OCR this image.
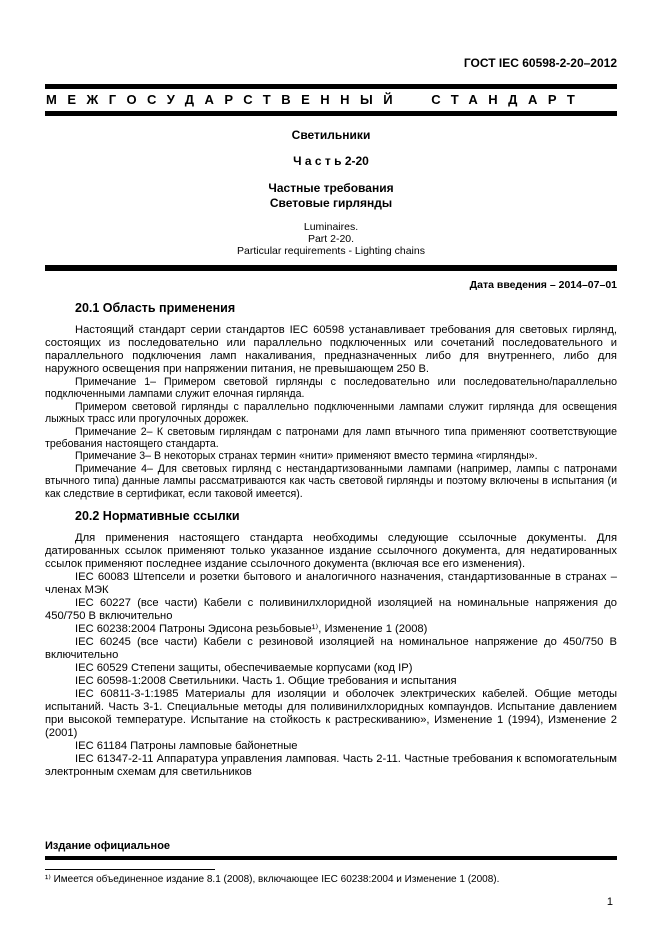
ГОСТ IEC 60598-2-20–2012
МЕЖГОСУДАРСТВЕННЫЙ СТАНДАРТ
Светильники
Ч а с т ь 2-20
Частные требования
Световые гирлянды
Luminaires.
Part 2-20.
Particular requirements - Lighting chains
Дата введения – 2014–07–01
20.1 Область применения

Настоящий стандарт серии стандартов IEC 60598 устанавливает требования для световых гирлянд, состоящих из последовательно или параллельно подключенных или сочетаний последовательного и параллельного подключения ламп накаливания, предназначенных либо для внутреннего, либо для наружного освещения при напряжении питания, не превышающем 250 В.

Примечание 1– Примером световой гирлянды с последовательно или последовательно/параллельно подключенными лампами служит елочная гирлянда.

Примером световой гирлянды с параллельно подключенными лампами служит гирлянда для освещения лыжных трасс или прогулочных дорожек.

Примечание 2– К световым гирляндам с патронами для ламп втычного типа применяют соответствующие требования настоящего стандарта.

Примечание 3– В некоторых странах термин «нити» применяют вместо термина «гирлянды».

Примечание 4– Для световых гирлянд с нестандартизованными лампами (например, лампы с патронами втычного типа) данные лампы рассматриваются как часть световой гирлянды и поэтому включены в испытания (и как следствие в сертификат, если таковой имеется).

20.2 Нормативные ссылки

Для применения настоящего стандарта необходимы следующие ссылочные документы. Для датированных ссылок применяют только указанное издание ссылочного документа, для недатированных ссылок применяют последнее издание ссылочного документа (включая все его изменения).

IEC 60083 Штепсели и розетки бытового и аналогичного назначения, стандартизованные в странах – членах МЭК

IEC 60227 (все части) Кабели с поливинилхлоридной изоляцией на номинальные напряжения до 450/750 В включительно

IEC 60238:2004 Патроны Эдисона резьбовые¹⁾, Изменение 1 (2008)

IEC 60245 (все части) Кабели с резиновой изоляцией на номинальное напряжение до 450/750 В включительно

IEC 60529 Степени защиты, обеспечиваемые корпусами (код IP)

IEC 60598-1:2008 Светильники. Часть 1. Общие требования и испытания

IEC 60811-3-1:1985 Материалы для изоляции и оболочек электрических кабелей. Общие методы испытаний. Часть 3-1. Специальные методы для поливинилхлоридных компаундов. Испытание давлением при высокой температуре. Испытание на стойкость к растрескиванию», Изменение 1 (1994), Изменение 2 (2001)

IEC 61184 Патроны ламповые байонетные

IEC 61347-2-11 Аппаратура управления ламповая. Часть 2-11. Частные требования к вспомогательным электронным схемам для светильников

Издание официальное
¹⁾ Имеется объединенное издание 8.1 (2008), включающее IEC 60238:2004 и Изменение 1 (2008).
1
